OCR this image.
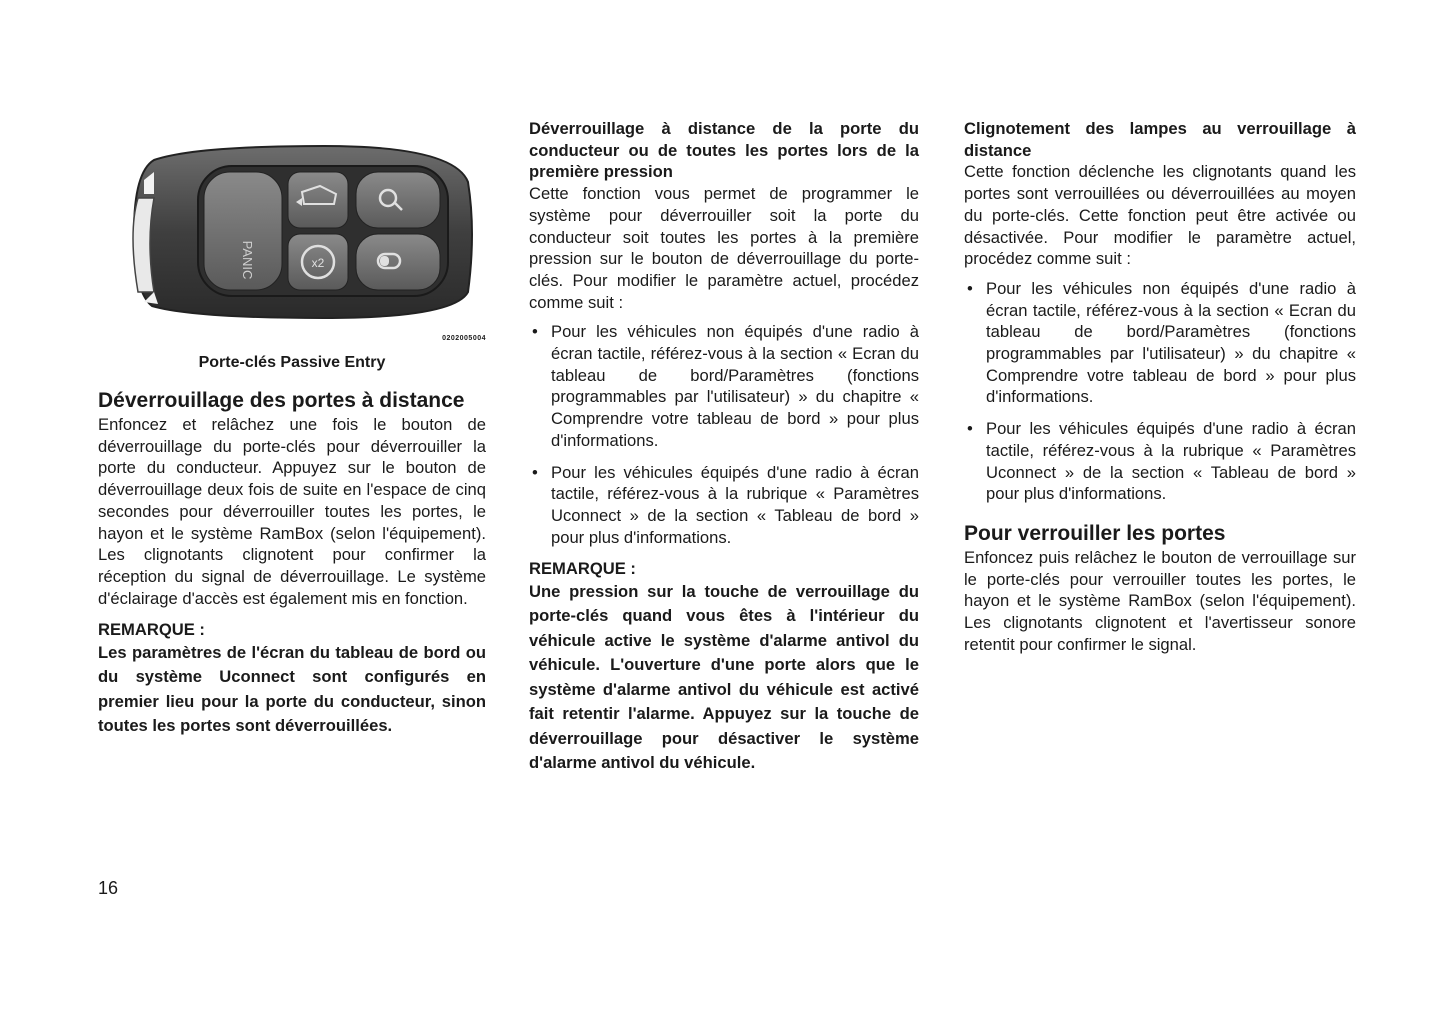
PANIC	x2
0202005004
Porte-clés Passive Entry

Déverrouillage des portes à distance

Enfoncez et relâchez une fois le bouton de déverrouillage du porte-clés pour déverrouiller la porte du conducteur. Appuyez sur le bouton de déverrouillage deux fois de suite en l'espace de cinq secondes pour déverrouiller toutes les portes, le hayon et le système RamBox (selon l'équipement). Les clignotants clignotent pour confirmer la réception du signal de déverrouillage. Le système d'éclairage d'accès est également mis en fonction.

REMARQUE :

Les paramètres de l'écran du tableau de bord ou du système Uconnect sont configurés en premier lieu pour la porte du conducteur, sinon toutes les portes sont déverrouillées.

Déverrouillage à distance de la porte du conducteur ou de toutes les portes lors de la première pression

Cette fonction vous permet de programmer le système pour déverrouiller soit la porte du conducteur soit toutes les portes à la première pression sur le bouton de déverrouillage du porte-clés. Pour modifier le paramètre actuel, procédez comme suit :

• Pour les véhicules non équipés d'une radio à écran tactile, référez-vous à la section « Ecran du tableau de bord/Paramètres (fonctions programmables par l'utilisateur) » du chapitre « Comprendre votre tableau de bord » pour plus d'informations.
• Pour les véhicules équipés d'une radio à écran tactile, référez-vous à la rubrique « Paramètres Uconnect » de la section « Tableau de bord » pour plus d'informations.

REMARQUE :

Une pression sur la touche de verrouillage du porte-clés quand vous êtes à l'intérieur du véhicule active le système d'alarme antivol du véhicule. L'ouverture d'une porte alors que le système d'alarme antivol du véhicule est activé fait retentir l'alarme. Appuyez sur la touche de déverrouillage pour désactiver le système d'alarme antivol du véhicule.

Clignotement des lampes au verrouillage à distance

Cette fonction déclenche les clignotants quand les portes sont verrouillées ou déverrouillées au moyen du porte-clés. Cette fonction peut être activée ou désactivée. Pour modifier le paramètre actuel, procédez comme suit :

• Pour les véhicules non équipés d'une radio à écran tactile, référez-vous à la section « Ecran du tableau de bord/Paramètres (fonctions programmables par l'utilisateur) » du chapitre « Comprendre votre tableau de bord » pour plus d'informations.
• Pour les véhicules équipés d'une radio à écran tactile, référez-vous à la rubrique « Paramètres Uconnect » de la section « Tableau de bord » pour plus d'informations.

Pour verrouiller les portes

Enfoncez puis relâchez le bouton de verrouillage sur le porte-clés pour verrouiller toutes les portes, le hayon et le système RamBox (selon l'équipement). Les clignotants clignotent et l'avertisseur sonore retentit pour confirmer le signal.

16
